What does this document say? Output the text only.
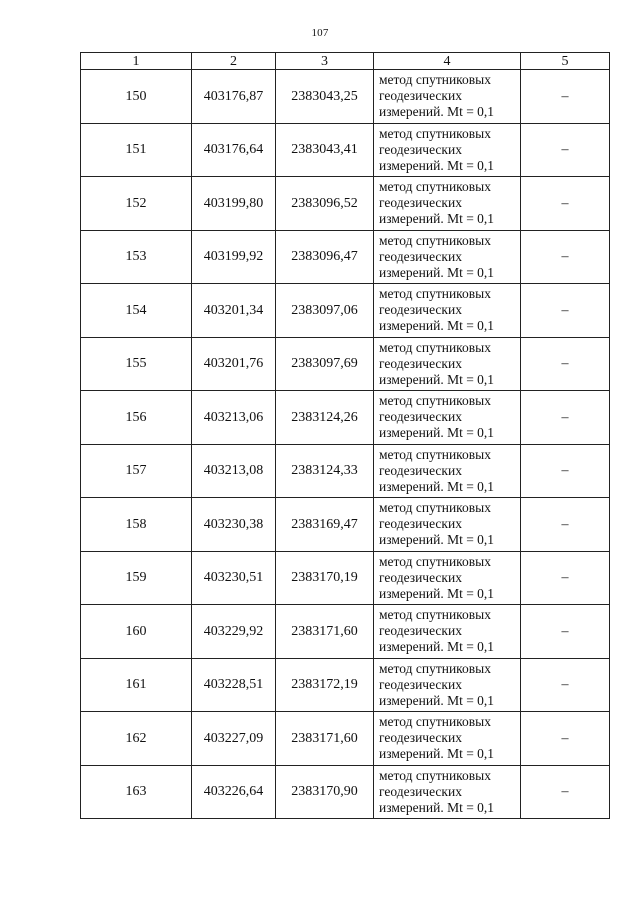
107
1	2	3	4	5
150	403176,87	2383043,25	метод спутниковых
геодезических
измерений. Mt = 0,1	–
151	403176,64	2383043,41	метод спутниковых
геодезических
измерений. Mt = 0,1	–
152	403199,80	2383096,52	метод спутниковых
геодезических
измерений. Mt = 0,1	–
153	403199,92	2383096,47	метод спутниковых
геодезических
измерений. Mt = 0,1	–
154	403201,34	2383097,06	метод спутниковых
геодезических
измерений. Mt = 0,1	–
155	403201,76	2383097,69	метод спутниковых
геодезических
измерений. Mt = 0,1	–
156	403213,06	2383124,26	метод спутниковых
геодезических
измерений. Mt = 0,1	–
157	403213,08	2383124,33	метод спутниковых
геодезических
измерений. Mt = 0,1	–
158	403230,38	2383169,47	метод спутниковых
геодезических
измерений. Mt = 0,1	–
159	403230,51	2383170,19	метод спутниковых
геодезических
измерений. Mt = 0,1	–
160	403229,92	2383171,60	метод спутниковых
геодезических
измерений. Mt = 0,1	–
161	403228,51	2383172,19	метод спутниковых
геодезических
измерений. Mt = 0,1	–
162	403227,09	2383171,60	метод спутниковых
геодезических
измерений. Mt = 0,1	–
163	403226,64	2383170,90	метод спутниковых
геодезических
измерений. Mt = 0,1	–
